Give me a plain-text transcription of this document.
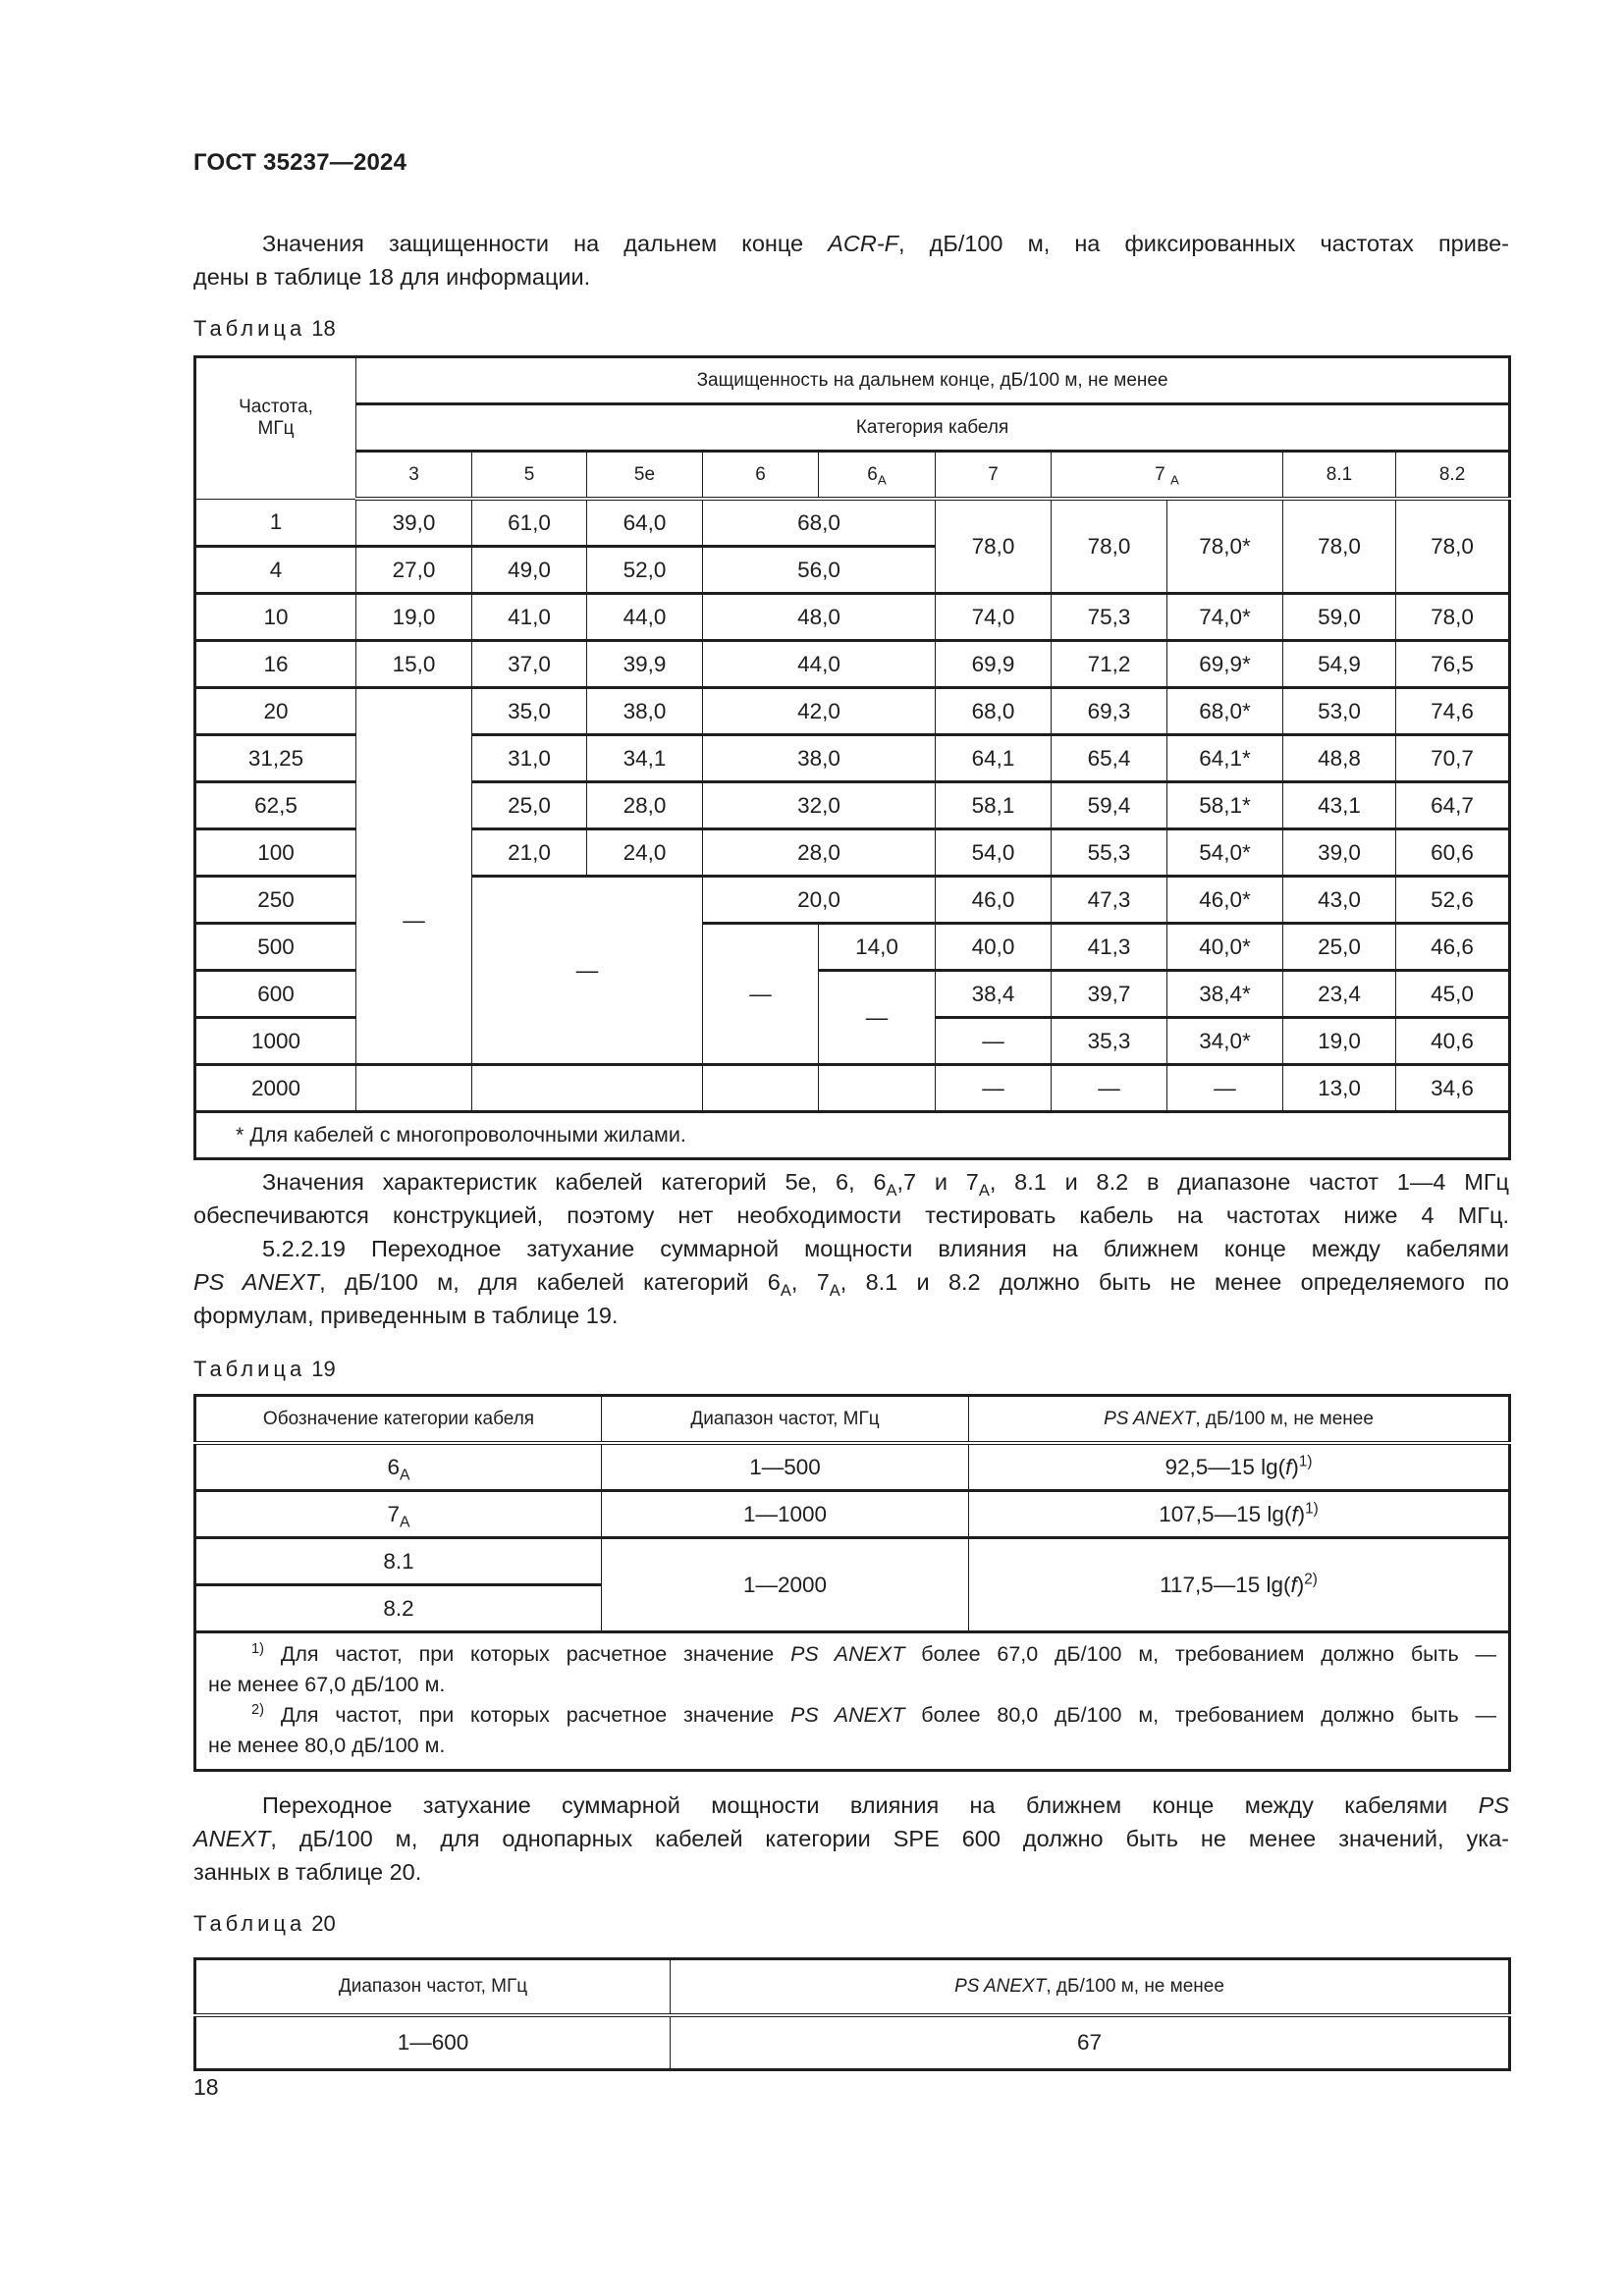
ГОСТ 35237—2024
Значения защищенности на дальнем конце ACR-F, дБ/100 м, на фиксированных частотах приве-
дены в таблице 18 для информации.
Таблица 18
Частота, МГц	Защищенность на дальнем конце, дБ/100 м, не менее									
	Категория кабеля									
	3	5	5e	6	$6_A$	7	7 $_A$		8.1	8.2
1	39,0	61,0	64,0	68,0		78,0	78,0	78,0*	78,0	78,0
4	27,0	49,0	52,0	56,0						
10	19,0	41,0	44,0	48,0		74,0	75,3	74,0*	59,0	78,0
16	15,0	37,0	39,9	44,0		69,9	71,2	69,9*	54,9	76,5
20	—	35,0	38,0	42,0		68,0	69,3	68,0*	53,0	74,6
31,25		31,0	34,1	38,0		64,1	65,4	64,1*	48,8	70,7
62,5		25,0	28,0	32,0		58,1	59,4	58,1*	43,1	64,7
100		21,0	24,0	28,0		54,0	55,3	54,0*	39,0	60,6
250		—		20,0		46,0	47,3	46,0*	43,0	52,6
500				—	14,0	40,0	41,3	40,0*	25,0	46,6
600					—	38,4	39,7	38,4*	23,4	45,0
1000						—	35,3	34,0*	19,0	40,6
2000						—	—	—	13,0	34,6
* Для кабелей с многопроволочными жилами.										
Значения характеристик кабелей категорий 5е, 6, $6_A,7$ и $7_A$, 8.1 и 8.2 в диапазоне частот 1—4 МГц
обеспечиваются конструкцией, поэтому нет необходимости тестировать кабель на частотах ниже 4 МГц.
5.2.2.19 Переходное затухание суммарной мощности влияния на ближнем конце между кабелями
PS ANEXT, дБ/100 м, для кабелей категорий $6_A$, $7_A$, 8.1 и 8.2 должно быть не менее определяемого по
формулам, приведенным в таблице 19.
Таблица 19
Обозначение категории кабеля	Диапазон частот, МГц	PS ANEXT, дБ/100 м, не менее
$6_A$	1—500	92,5—15 $\lg(f)^{1)}$
$7_A$	1—1000	107,5—15 $\lg(f)^{1)}$
8.1	1—2000	117,5—15 $\lg(f)^{2)}$
8.2		

$^{1)}$ Для частот, при которых расчетное значение PS ANEXT более 67,0 дБ/100 м, требованием должно быть —
не менее 67,0 дБ/100 м.
$^{2)}$ Для частот, при которых расчетное значение PS ANEXT более 80,0 дБ/100 м, требованием должно быть —
не менее 80,0 дБ/100 м.		
Переходное затухание суммарной мощности влияния на ближнем конце между кабелями PS
ANEXT, дБ/100 м, для однопарных кабелей категории SPE 600 должно быть не менее значений, ука-
занных в таблице 20.
Таблица 20
Диапазон частот, МГц	PS ANEXT, дБ/100 м, не менее
1—600	67
18
